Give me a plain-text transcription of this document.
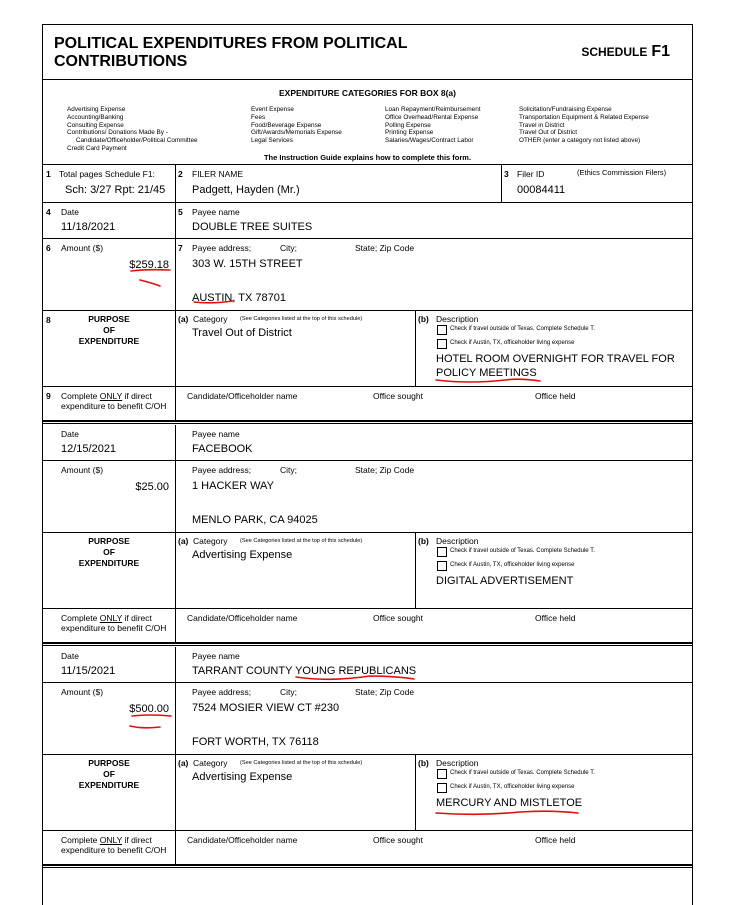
POLITICAL EXPENDITURES FROM POLITICAL
CONTRIBUTIONS
SCHEDULE F1
EXPENDITURE CATEGORIES FOR BOX 8(a)
Advertising Expense
Accounting/Banking
Consulting Expense
Contributions/ Donations Made By -
Candidate/Officeholder/Political Committee
Credit Card Payment
Event Expense
Fees
Food/Beverage Expense
Gift/Awards/Memorials Expense
Legal Services
Loan Repayment/Reimbursement
Office Overhead/Rental Expense
Polling Expense
Printing Expense
Salaries/Wages/Contract Labor
Solicitation/Fundraising Expense
Transportation Equipment & Related Expense
Travel in District
Travel Out of District
OTHER (enter a category not listed above)
The Instruction Guide explains how to complete this form.
1 Total pages Schedule F1:
Sch: 3/27 Rpt: 21/45
2 FILER NAME
Padgett, Hayden (Mr.)
3 Filer ID	(Ethics Commission Filers)
00084411
4 Date
11/18/2021
5 Payee name
DOUBLE TREE SUITES
6 Amount ($)
$259.18
7 Payee address;	City;	State; Zip Code
303 W. 15TH STREET
AUSTIN, TX 78701
8	PURPOSE
OF
EXPENDITURE
(a) Category (See Categories listed at the top of this schedule)
Travel Out of District
(b) Description
Check if travel outside of Texas. Complete Schedule T.
Check if Austin, TX, officeholder living expense
HOTEL ROOM OVERNIGHT FOR TRAVEL FOR
POLICY MEETINGS
9 Complete ONLY if direct
expenditure to benefit C/OH
Candidate/Officeholder name	Office sought	Office held
Date
12/15/2021
Payee name
FACEBOOK
Amount ($)
$25.00
Payee address;	City;	State; Zip Code
1 HACKER WAY
MENLO PARK, CA 94025
PURPOSE
OF
EXPENDITURE
(a) Category (See Categories listed at the top of this schedule)
Advertising Expense
(b) Description
Check if travel outside of Texas. Complete Schedule T.
Check if Austin, TX, officeholder living expense
DIGITAL ADVERTISEMENT
Complete ONLY if direct
expenditure to benefit C/OH
Candidate/Officeholder name	Office sought	Office held
Date
11/15/2021
Payee name
TARRANT COUNTY YOUNG REPUBLICANS
Amount ($)
$500.00
Payee address;	City;	State; Zip Code
7524 MOSIER VIEW CT #230
FORT WORTH, TX 76118
PURPOSE
OF
EXPENDITURE
(a) Category (See Categories listed at the top of this schedule)
Advertising Expense
(b) Description
Check if travel outside of Texas. Complete Schedule T.
Check if Austin, TX, officeholder living expense
MERCURY AND MISTLETOE
Complete ONLY if direct
expenditure to benefit C/OH
Candidate/Officeholder name	Office sought	Office held
